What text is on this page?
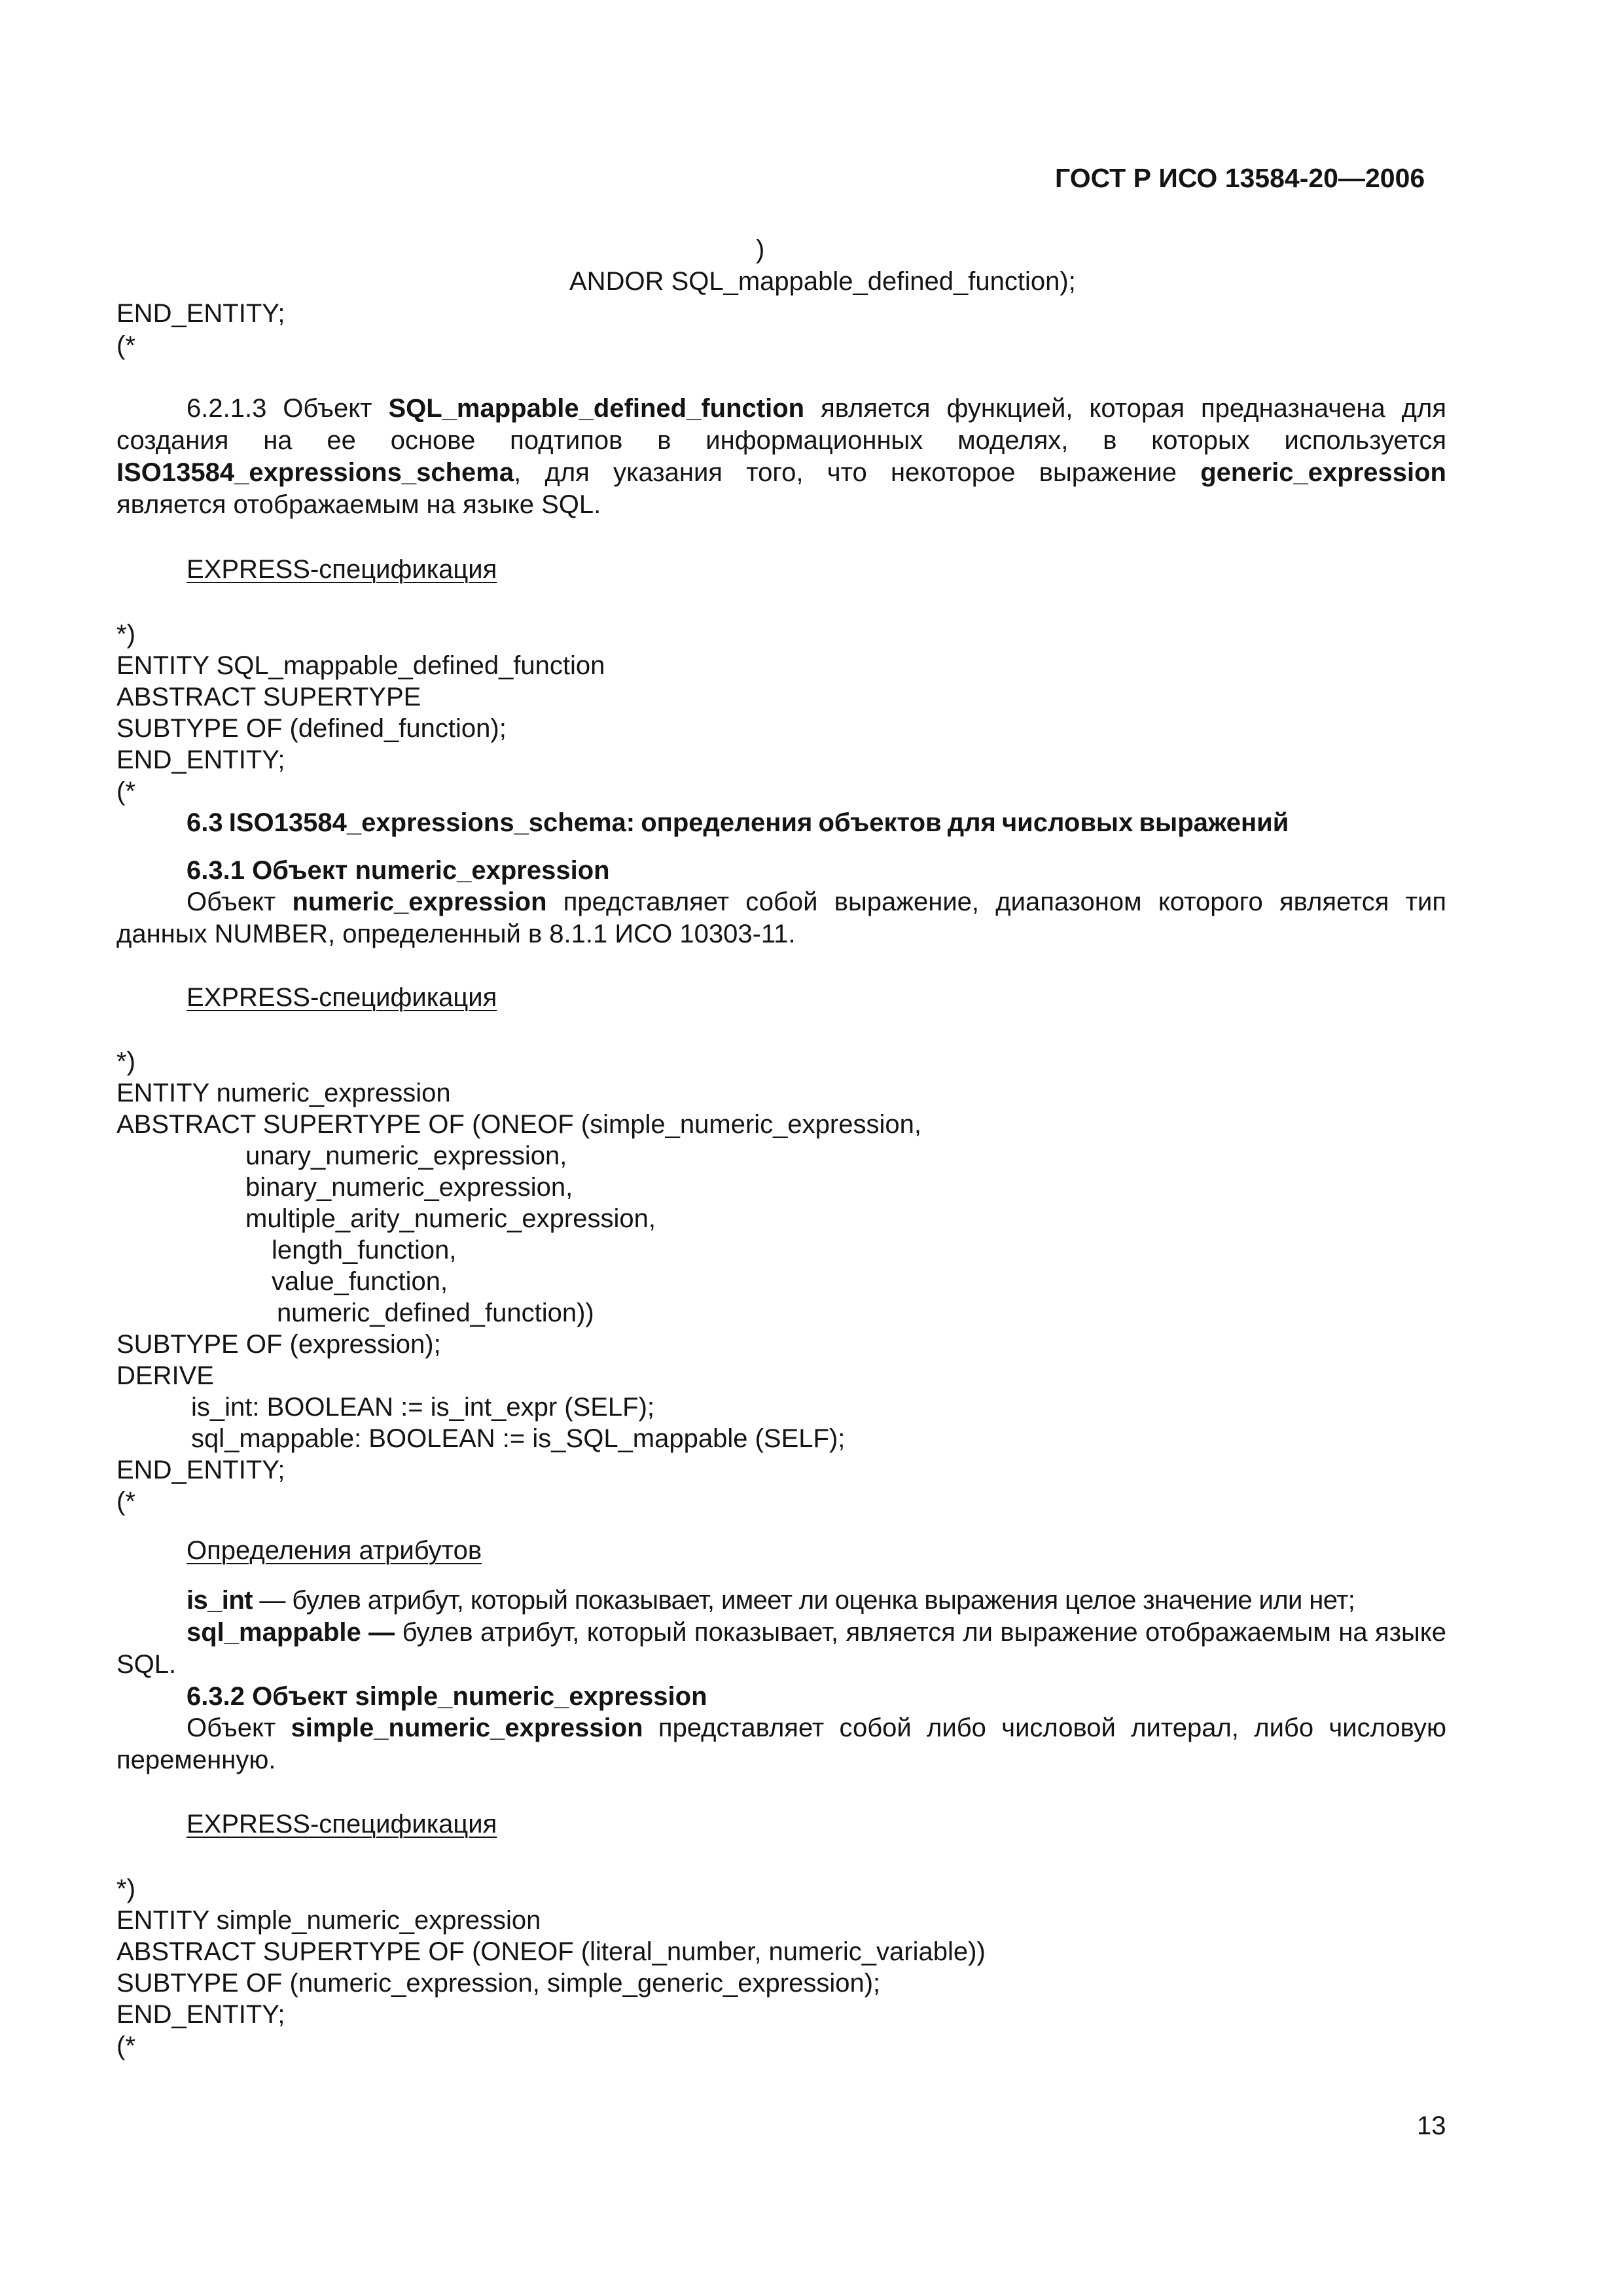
ГОСТ Р ИСО 13584-20—2006
)
ANDOR SQL_mappable_defined_function);
END_ENTITY;
(*
6.2.1.3 Объект SQL_mappable_defined_function является функцией, которая предназначена для создания на ее основе подтипов в информационных моделях, в которых используется ISO13584_expressions_schema, для указания того, что некоторое выражение generic_expression является отображаемым на языке SQL.
EXPRESS-спецификация
*)
ENTITY SQL_mappable_defined_function
ABSTRACT SUPERTYPE
SUBTYPE OF (defined_function);
END_ENTITY;
(*
6.3 ISO13584_expressions_schema: определения объектов для числовых выражений
6.3.1 Объект numeric_expression
Объект numeric_expression представляет собой выражение, диапазоном которого является тип данных NUMBER, определенный в 8.1.1 ИСО 10303-11.
EXPRESS-спецификация
*)
ENTITY numeric_expression
ABSTRACT SUPERTYPE OF (ONEOF (simple_numeric_expression,
unary_numeric_expression,
binary_numeric_expression,
multiple_arity_numeric_expression,
length_function,
value_function,
numeric_defined_function))
SUBTYPE OF (expression);
DERIVE
is_int: BOOLEAN := is_int_expr (SELF);
sql_mappable: BOOLEAN := is_SQL_mappable (SELF);
END_ENTITY;
(*
Определения атрибутов
is_int — булев атрибут, который показывает, имеет ли оценка выражения целое значение или нет;
sql_mappable — булев атрибут, который показывает, является ли выражение отображаемым на языке SQL.
6.3.2 Объект simple_numeric_expression
Объект simple_numeric_expression представляет собой либо числовой литерал, либо числовую переменную.
EXPRESS-спецификация
*)
ENTITY simple_numeric_expression
ABSTRACT SUPERTYPE OF (ONEOF (literal_number, numeric_variable))
SUBTYPE OF (numeric_expression, simple_generic_expression);
END_ENTITY;
(*
13
